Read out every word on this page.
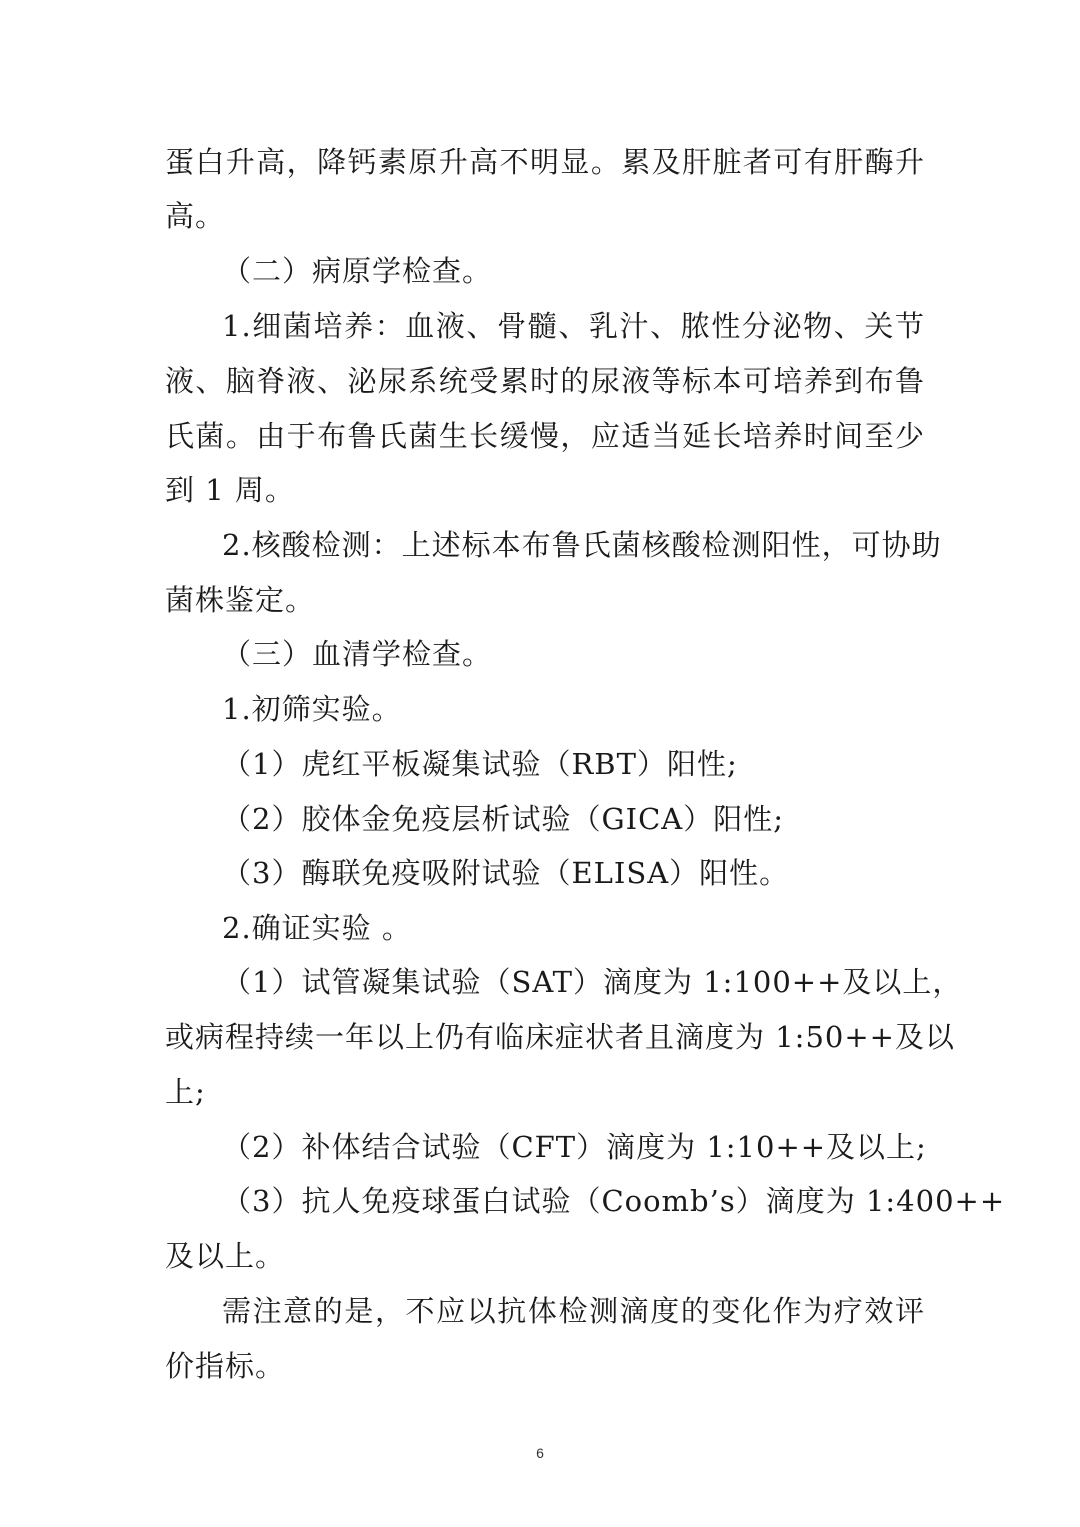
蛋白升高，降钙素原升高不明显。累及肝脏者可有肝酶升

高。

（二）病原学检查。

1.细菌培养：血液、骨髓、乳汁、脓性分泌物、关节

液、脑脊液、泌尿系统受累时的尿液等标本可培养到布鲁

氏菌。由于布鲁氏菌生长缓慢，应适当延长培养时间至少

到 1 周。

2.核酸检测：上述标本布鲁氏菌核酸检测阳性，可协助

菌株鉴定。

（三）血清学检查。

1.初筛实验。

（1）虎红平板凝集试验（RBT）阳性;

（2）胶体金免疫层析试验（GICA）阳性;

（3）酶联免疫吸附试验（ELISA）阳性。

2.确证实验 。

（1）试管凝集试验（SAT）滴度为 1:100++及以上，

或病程持续一年以上仍有临床症状者且滴度为 1:50++及以

上;

（2）补体结合试验（CFT）滴度为 1:10++及以上;

（3）抗人免疫球蛋白试验（Coomb’s）滴度为 1:400++

及以上。

需注意的是，不应以抗体检测滴度的变化作为疗效评

价指标。

6
